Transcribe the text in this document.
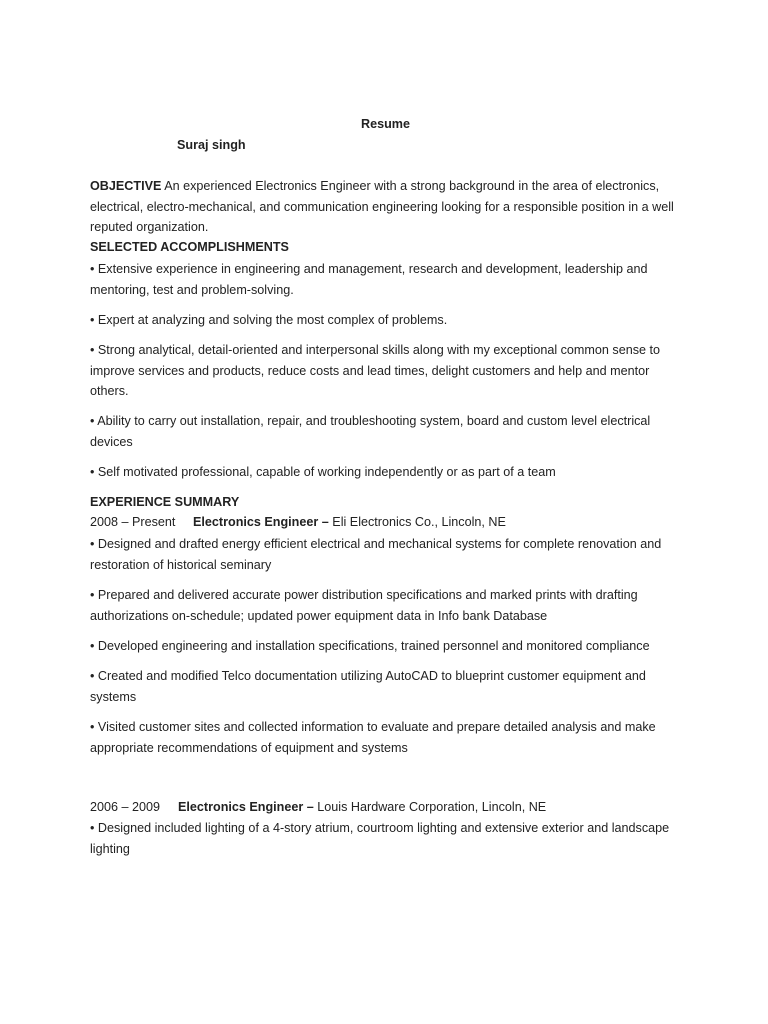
Resume
Suraj singh
OBJECTIVE An experienced Electronics Engineer with a strong background in the area of electronics, electrical, electro-mechanical, and communication engineering looking for a responsible position in a well reputed organization.
SELECTED ACCOMPLISHMENTS
• Extensive experience in engineering and management, research and development, leadership and mentoring, test and problem-solving.
• Expert at analyzing and solving the most complex of problems.
• Strong analytical, detail-oriented and interpersonal skills along with my exceptional common sense to improve services and products, reduce costs and lead times, delight customers and help and mentor others.
• Ability to carry out installation, repair, and troubleshooting system, board and custom level electrical devices
• Self motivated professional, capable of working independently or as part of a team
EXPERIENCE SUMMARY
2008 – Present Electronics Engineer – Eli Electronics Co., Lincoln, NE
• Designed and drafted energy efficient electrical and mechanical systems for complete renovation and restoration of historical seminary
• Prepared and delivered accurate power distribution specifications and marked prints with drafting authorizations on-schedule; updated power equipment data in Info bank Database
• Developed engineering and installation specifications, trained personnel and monitored compliance
• Created and modified Telco documentation utilizing AutoCAD to blueprint customer equipment and systems
• Visited customer sites and collected information to evaluate and prepare detailed analysis and make appropriate recommendations of equipment and systems
2006 – 2009 Electronics Engineer – Louis Hardware Corporation, Lincoln, NE
• Designed included lighting of a 4-story atrium, courtroom lighting and extensive exterior and landscape lighting
